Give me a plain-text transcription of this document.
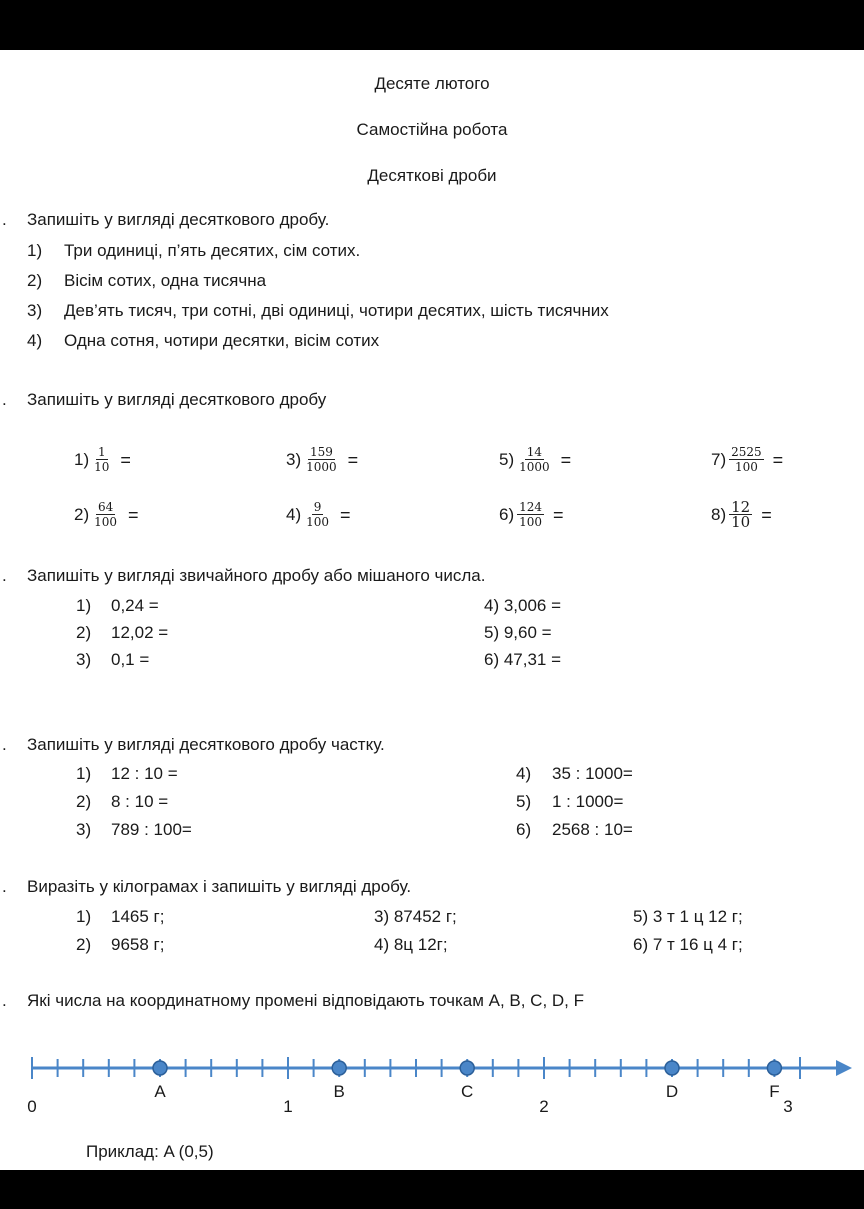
Десяте лютого
Самостійна робота
Десяткові дроби
. Запишіть у вигляді десяткового дробу.
1) Три одиниці, п’ять десятих, сім сотих.
2) Вісім сотих, одна тисячна
3) Дев’ять тисяч, три сотні, дві одиниці, чотири десятих, шість тисячних
4) Одна сотня, чотири десятки, вісім сотих
. Запишіть у вигляді десяткового дробу
$1) \frac{1}{10}$ =	$3) \frac{159}{1000}$ =	$5) \frac{14}{1000}$ =	$7) \frac{2525}{100}$ =
$2) \frac{64}{100}$ =	$4) \frac{9}{100}$ =	$6) \frac{124}{100}$ =	$8) \frac{12}{10}$ =
. Запишіть у вигляді звичайного дробу або мішаного числа.
1) 0,24 =
2) 12,02 =
3) 0,1 =
4) 3,006 =
5) 9,60 =
6) 47,31 =
. Запишіть у вигляді десяткового дробу частку.
1) 12 : 10 =
2) 8 : 10 =
3) 789 : 100=
4) 35 : 1000=
5) 1 : 1000=
6) 2568 : 10=
. Виразіть у кілограмах і запишіть у вигляді дробу.
1) 1465 г;
2) 9658 г;
3) 87452 г;
4) 8ц 12г;
5) 3 т 1 ц 12 г;
6) 7 т 16 ц 4 г;
. Які числа на координатному промені відповідають точкам A, B, C, D, F
A	B	C	D	F
0	1	2	3
Приклад: A (0,5)
